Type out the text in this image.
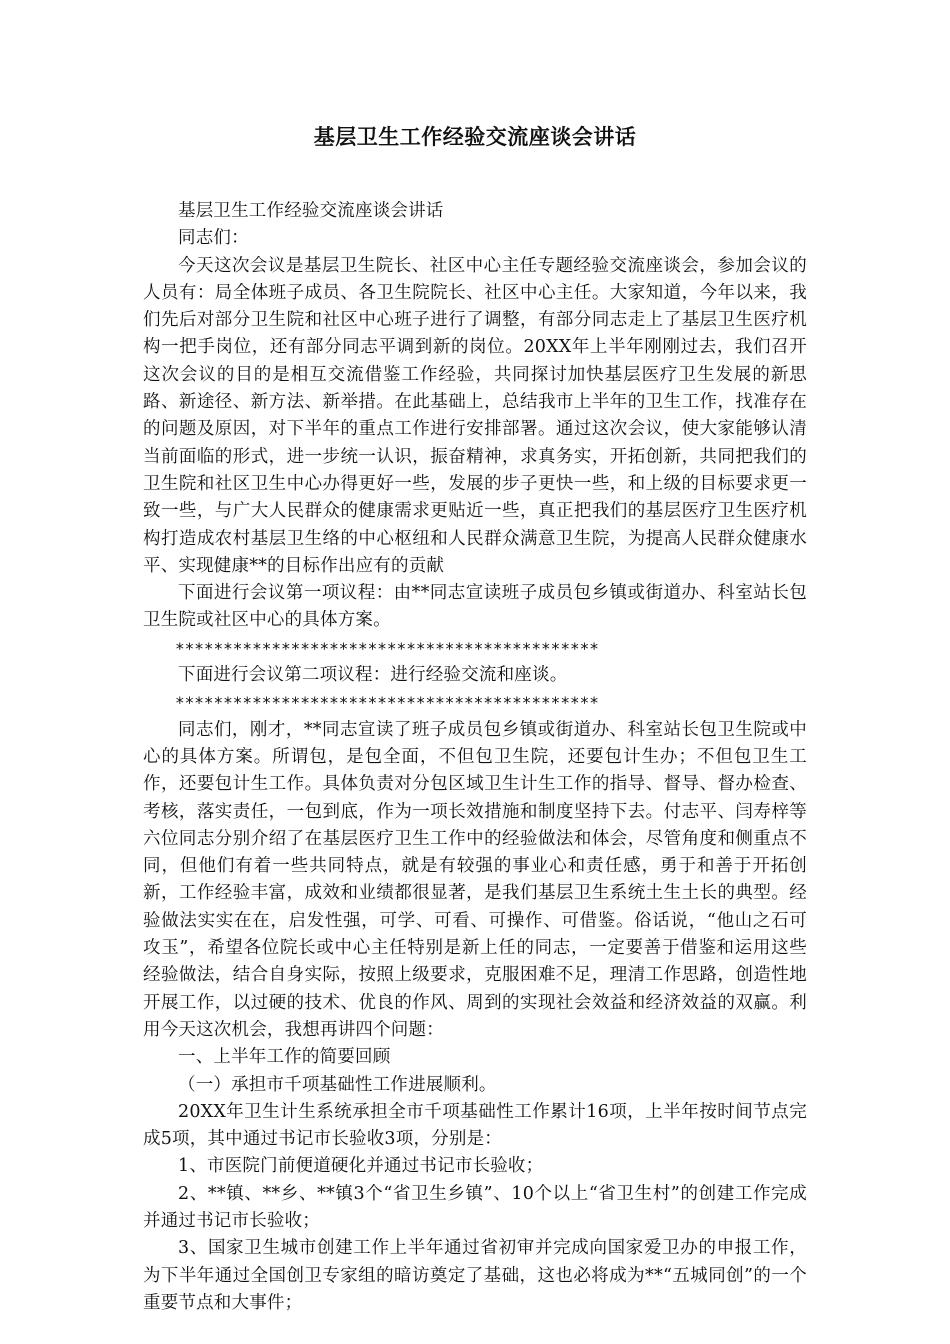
基层卫生工作经验交流座谈会讲话

基层卫生工作经验交流座谈会讲话

同志们：

今天这次会议是基层卫生院长、社区中心主任专题经验交流座谈会，参加会议的人员有：局全体班子成员、各卫生院院长、社区中心主任。大家知道，今年以来，我们先后对部分卫生院和社区中心班子进行了调整，有部分同志走上了基层卫生医疗机构一把手岗位，还有部分同志平调到新的岗位。20XX年上半年刚刚过去，我们召开这次会议的目的是相互交流借鉴工作经验，共同探讨加快基层医疗卫生发展的新思路、新途径、新方法、新举措。在此基础上，总结我市上半年的卫生工作，找准存在的问题及原因，对下半年的重点工作进行安排部署。通过这次会议，使大家能够认清当前面临的形式，进一步统一认识，振奋精神，求真务实，开拓创新，共同把我们的卫生院和社区卫生中心办得更好一些，发展的步子更快一些，和上级的目标要求更一致一些，与广大人民群众的健康需求更贴近一些，真正把我们的基层医疗卫生医疗机构打造成农村基层卫生络的中心枢纽和人民群众满意卫生院，为提高人民群众健康水平、实现健康**的目标作出应有的贡献

下面进行会议第一项议程：由**同志宣读班子成员包乡镇或街道办、科室站长包卫生院或社区中心的具体方案。

********************************************

下面进行会议第二项议程：进行经验交流和座谈。

********************************************

同志们，刚才，**同志宣读了班子成员包乡镇或街道办、科室站长包卫生院或中心的具体方案。所谓包，是包全面，不但包卫生院，还要包计生办；不但包卫生工作，还要包计生工作。具体负责对分包区域卫生计生工作的指导、督导、督办检查、考核，落实责任，一包到底，作为一项长效措施和制度坚持下去。付志平、闫寿梓等六位同志分别介绍了在基层医疗卫生工作中的经验做法和体会，尽管角度和侧重点不同，但他们有着一些共同特点，就是有较强的事业心和责任感，勇于和善于开拓创新，工作经验丰富，成效和业绩都很显著，是我们基层卫生系统土生土长的典型。经验做法实实在在，启发性强，可学、可看、可操作、可借鉴。俗话说，“他山之石可攻玉”，希望各位院长或中心主任特别是新上任的同志，一定要善于借鉴和运用这些经验做法，结合自身实际，按照上级要求，克服困难不足，理清工作思路，创造性地开展工作，以过硬的技术、优良的作风、周到的实现社会效益和经济效益的双赢。利用今天这次机会，我想再讲四个问题：

一、上半年工作的简要回顾

（一）承担市千项基础性工作进展顺利。

20XX年卫生计生系统承担全市千项基础性工作累计16项，上半年按时间节点完成5项，其中通过书记市长验收3项，分别是：

1、市医院门前便道硬化并通过书记市长验收；

2、**镇、**乡、**镇3个“省卫生乡镇”、10个以上“省卫生村”的创建工作完成并通过书记市长验收；

3、国家卫生城市创建工作上半年通过省初审并完成向国家爱卫办的申报工作，为下半年通过全国创卫专家组的暗访奠定了基础，这也必将成为**“五城同创”的一个重要节点和大事件；
